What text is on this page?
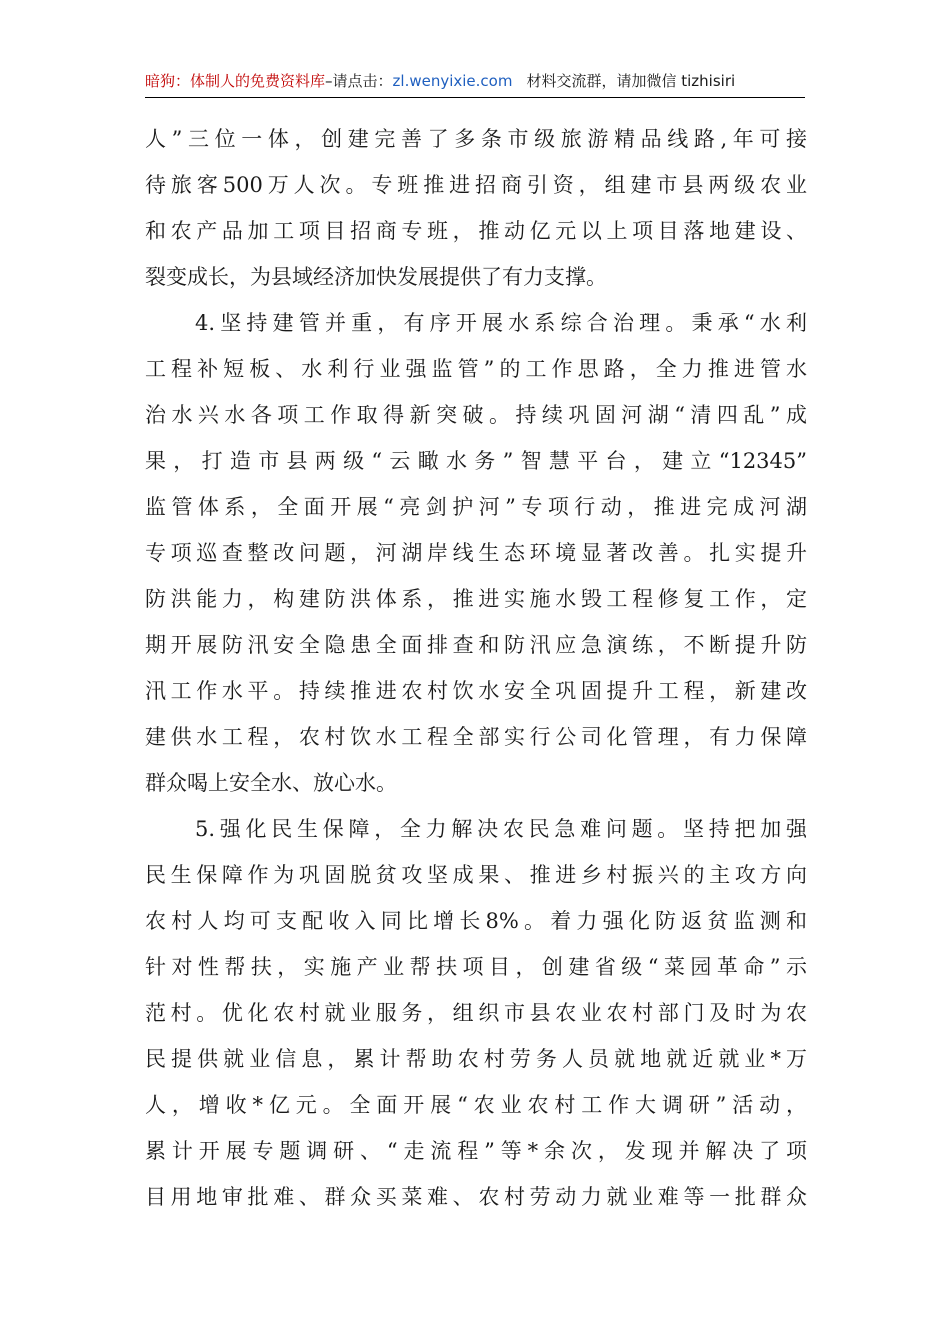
暗狗：体制人的免费资料库–请点击：zl.wenyixie.com 材料交流群，请加微信 tizhisiri
人”三位一体，创建完善了多条市级旅游精品线路,年可接
待旅客500万人次。专班推进招商引资，组建市县两级农业
和农产品加工项目招商专班，推动亿元以上项目落地建设、
裂变成长，为县域经济加快发展提供了有力支撑。
4.坚持建管并重，有序开展水系综合治理。秉承“水利
工程补短板、水利行业强监管”的工作思路，全力推进管水
治水兴水各项工作取得新突破。持续巩固河湖“清四乱”成
果，打造市县两级“云瞰水务”智慧平台，建立“12345”
监管体系，全面开展“亮剑护河”专项行动，推进完成河湖
专项巡查整改问题，河湖岸线生态环境显著改善。扎实提升
防洪能力，构建防洪体系，推进实施水毁工程修复工作，定
期开展防汛安全隐患全面排查和防汛应急演练，不断提升防
汛工作水平。持续推进农村饮水安全巩固提升工程，新建改
建供水工程，农村饮水工程全部实行公司化管理，有力保障
群众喝上安全水、放心水。
5.强化民生保障，全力解决农民急难问题。坚持把加强
民生保障作为巩固脱贫攻坚成果、推进乡村振兴的主攻方向
农村人均可支配收入同比增长8%。着力强化防返贫监测和
针对性帮扶，实施产业帮扶项目，创建省级“菜园革命”示
范村。优化农村就业服务，组织市县农业农村部门及时为农
民提供就业信息，累计帮助农村劳务人员就地就近就业*万
人，增收*亿元。全面开展“农业农村工作大调研”活动，
累计开展专题调研、“走流程”等*余次，发现并解决了项
目用地审批难、群众买菜难、农村劳动力就业难等一批群众
